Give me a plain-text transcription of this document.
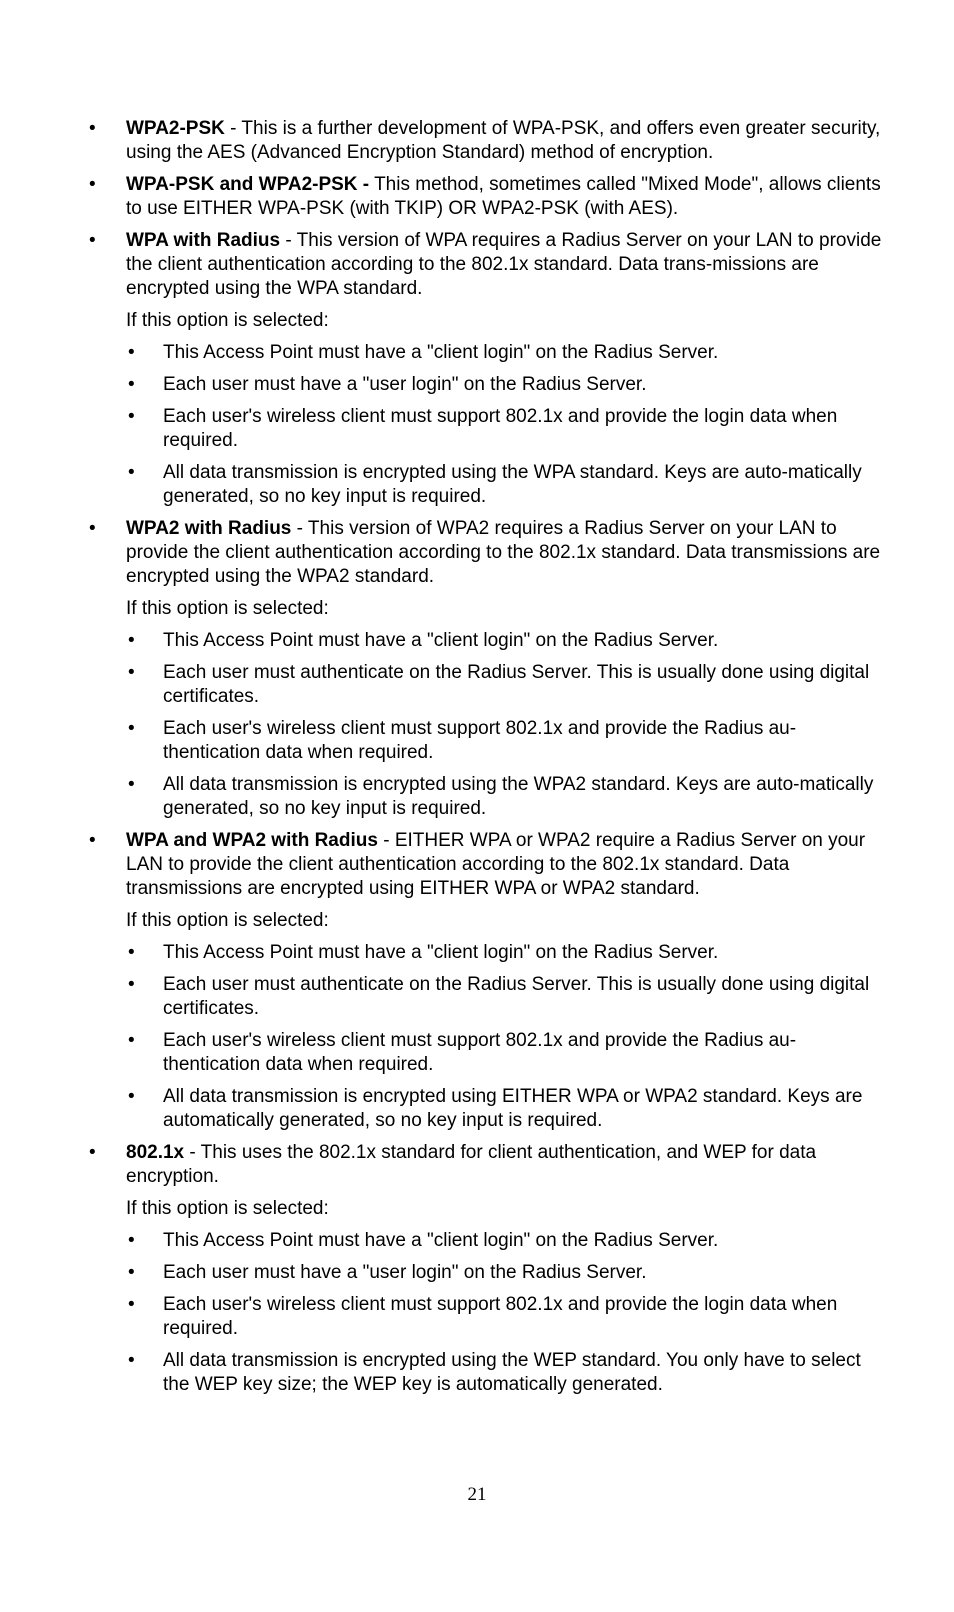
• WPA2-PSK - This is a further development of WPA-PSK, and offers even greater security, using the AES (Advanced Encryption Standard) method of encryption.
• WPA-PSK and WPA2-PSK - This method, sometimes called "Mixed Mode", allows clients to use EITHER WPA-PSK (with TKIP) OR WPA2-PSK (with AES).
• WPA with Radius - This version of WPA requires a Radius Server on your LAN to provide the client authentication according to the 802.1x standard. Data trans-missions are encrypted using the WPA standard.
If this option is selected:
• This Access Point must have a "client login" on the Radius Server.
• Each user must have a "user login" on the Radius Server.
• Each user's wireless client must support 802.1x and provide the login data when required.
• All data transmission is encrypted using the WPA standard. Keys are auto-matically generated, so no key input is required.
• WPA2 with Radius - This version of WPA2 requires a Radius Server on your LAN to provide the client authentication according to the 802.1x standard. Data transmissions are encrypted using the WPA2 standard.
If this option is selected:
• This Access Point must have a "client login" on the Radius Server.
• Each user must authenticate on the Radius Server. This is usually done using digital certificates.
• Each user's wireless client must support 802.1x and provide the Radius au-thentication data when required.
• All data transmission is encrypted using the WPA2 standard. Keys are auto-matically generated, so no key input is required.
• WPA and WPA2 with Radius - EITHER WPA or WPA2 require a Radius Server on your LAN to provide the client authentication according to the 802.1x standard. Data transmissions are encrypted using EITHER WPA or WPA2 standard.
If this option is selected:
• This Access Point must have a "client login" on the Radius Server.
• Each user must authenticate on the Radius Server. This is usually done using digital certificates.
• Each user's wireless client must support 802.1x and provide the Radius au-thentication data when required.
• All data transmission is encrypted using EITHER WPA or WPA2 standard. Keys are automatically generated, so no key input is required.
• 802.1x - This uses the 802.1x standard for client authentication, and WEP for data encryption.
If this option is selected:
• This Access Point must have a "client login" on the Radius Server.
• Each user must have a "user login" on the Radius Server.
• Each user's wireless client must support 802.1x and provide the login data when required.
• All data transmission is encrypted using the WEP standard. You only have to select the WEP key size; the WEP key is automatically generated.
21
